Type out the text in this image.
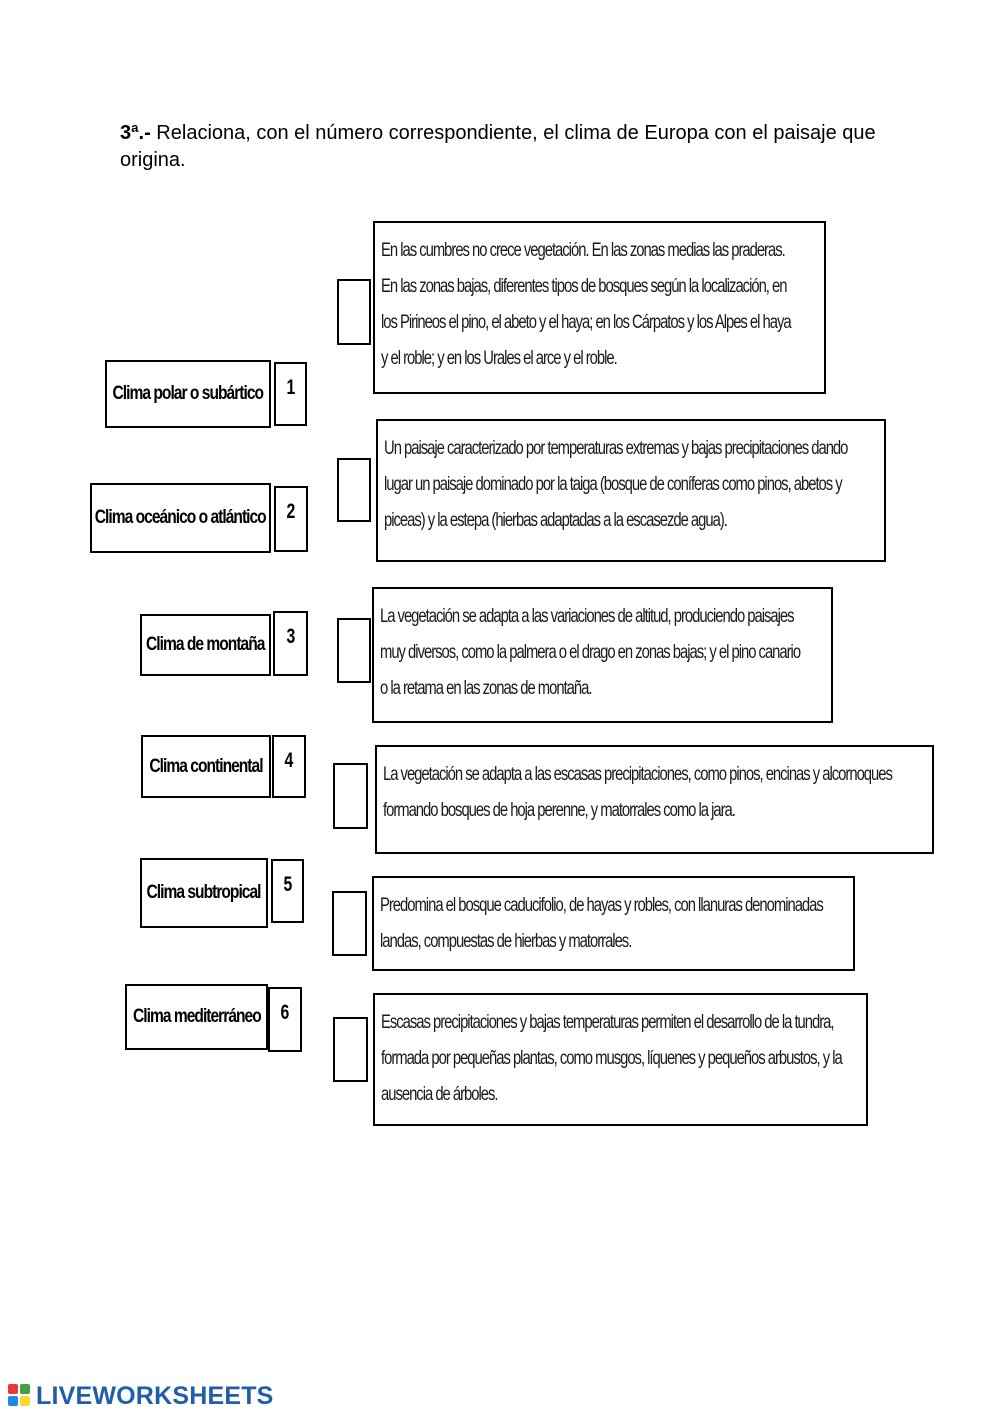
3ª.- Relaciona, con el número correspondiente, el clima de Europa con el paisaje que origina.
Clima polar o subártico 1
Clima oceánico o atlántico 2
Clima de montaña 3
Clima continental 4
Clima subtropical 5
Clima mediterráneo 6
En las cumbres no crece vegetación. En las zonas medias las praderas.
En las zonas bajas, diferentes tipos de bosques según la localización, en
los Pirineos el pino, el abeto y el haya; en los Cárpatos y los Alpes el haya
y el roble; y en los Urales el arce y el roble.
Un paisaje caracterizado por temperaturas extremas y bajas precipitaciones dando
lugar un paisaje dominado por la taiga (bosque de coníferas como pinos, abetos y
piceas) y la estepa (hierbas adaptadas a la escasezde agua).
La vegetación se adapta a las variaciones de altitud, produciendo paisajes
muy diversos, como la palmera o el drago en zonas bajas; y el pino canario
o la retama en las zonas de montaña.
La vegetación se adapta a las escasas precipitaciones, como pinos, encinas y alcornoques
formando bosques de hoja perenne, y matorrales como la jara.
Predomina el bosque caducifolio, de hayas y robles, con llanuras denominadas
landas, compuestas de hierbas y matorrales.
Escasas precipitaciones y bajas temperaturas permiten el desarrollo de la tundra,
formada por pequeñas plantas, como musgos, líquenes y pequeños arbustos, y la
ausencia de árboles.
LIVEWORKSHEETS
